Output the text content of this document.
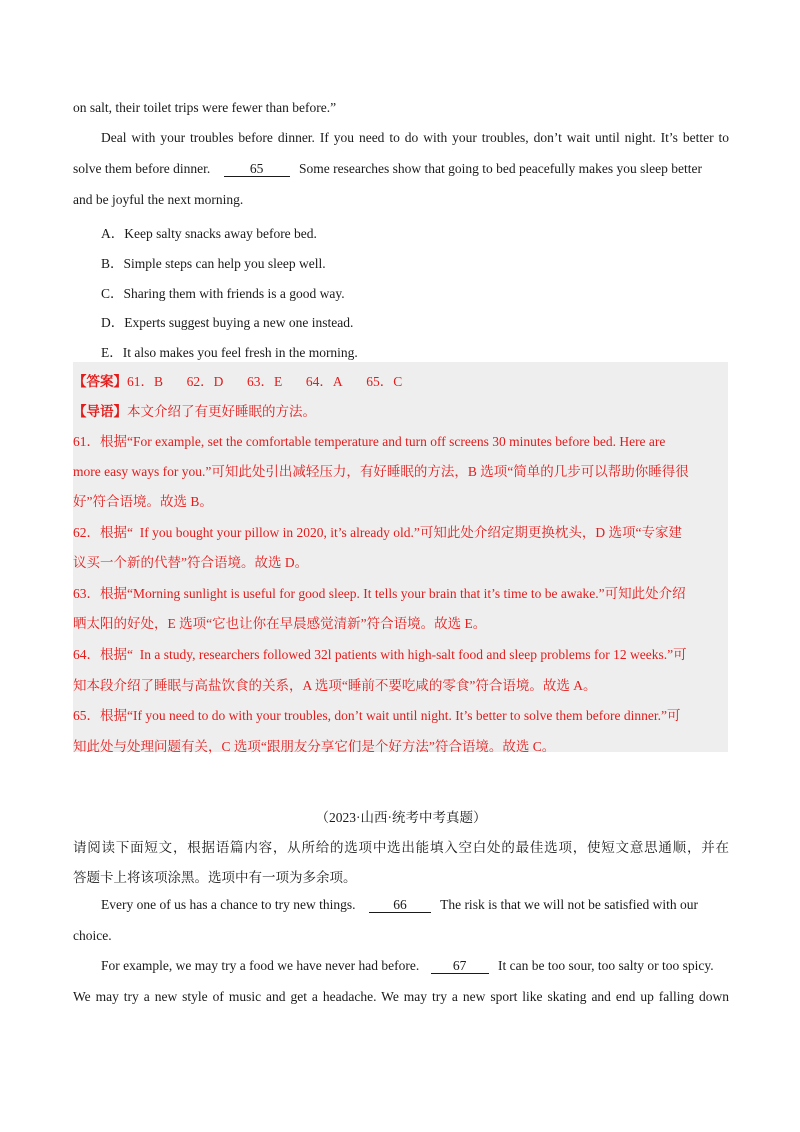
on salt, their toilet trips were fewer than before.”

Deal with your troubles before dinner. If you need to do with your troubles, don’t wait until night. It’s better to

solve them before dinner.	65	Some researches show that going to bed peacefully makes you sleep better

and be joyful the next morning.

A．Keep salty snacks away before bed.

B．Simple steps can help you sleep well.

C．Sharing them with friends is a good way.

D．Experts suggest buying a new one instead.

E．It also makes you feel fresh in the morning.

【答案】61．B       62．D       63．E       64．A       65．C

【导语】本文介绍了有更好睡眠的方法。

61．根据“For example, set the comfortable temperature and turn off screens 30 minutes before bed. Here are

more easy ways for you.”可知此处引出减轻压力，有好睡眠的方法，B 选项“简单的几步可以帮助你睡得很

好”符合语境。故选 B。

62．根据“  If you bought your pillow in 2020, it’s already old.”可知此处介绍定期更换枕头，D 选项“专家建

议买一个新的代替”符合语境。故选 D。

63．根据“Morning sunlight is useful for good sleep. It tells your brain that it’s time to be awake.”可知此处介绍

晒太阳的好处，E 选项“它也让你在早晨感觉清新”符合语境。故选 E。

64．根据“  In a study, researchers followed 32l patients with high-salt food and sleep problems for 12 weeks.”可

知本段介绍了睡眠与高盐饮食的关系，A 选项“睡前不要吃咸的零食”符合语境。故选 A。

65．根据“If you need to do with your troubles, don’t wait until night. It’s better to solve them before dinner.”可

知此处与处理问题有关，C 选项“跟朋友分享它们是个好方法”符合语境。故选 C。

（2023·山西·统考中考真题）

请阅读下面短文，根据语篇内容，从所给的选项中选出能填入空白处的最佳选项，使短文意思通顺，并在

答题卡上将该项涂黑。选项中有一项为多余项。

Every one of us has a chance to try new things.	66 The risk is that we will not be satisfied with our

choice.

For example, we may try a food we have never had before. 67 It can be too sour, too salty or too spicy.

We may try a new style of music and get a headache. We may try a new sport like skating and end up falling down
